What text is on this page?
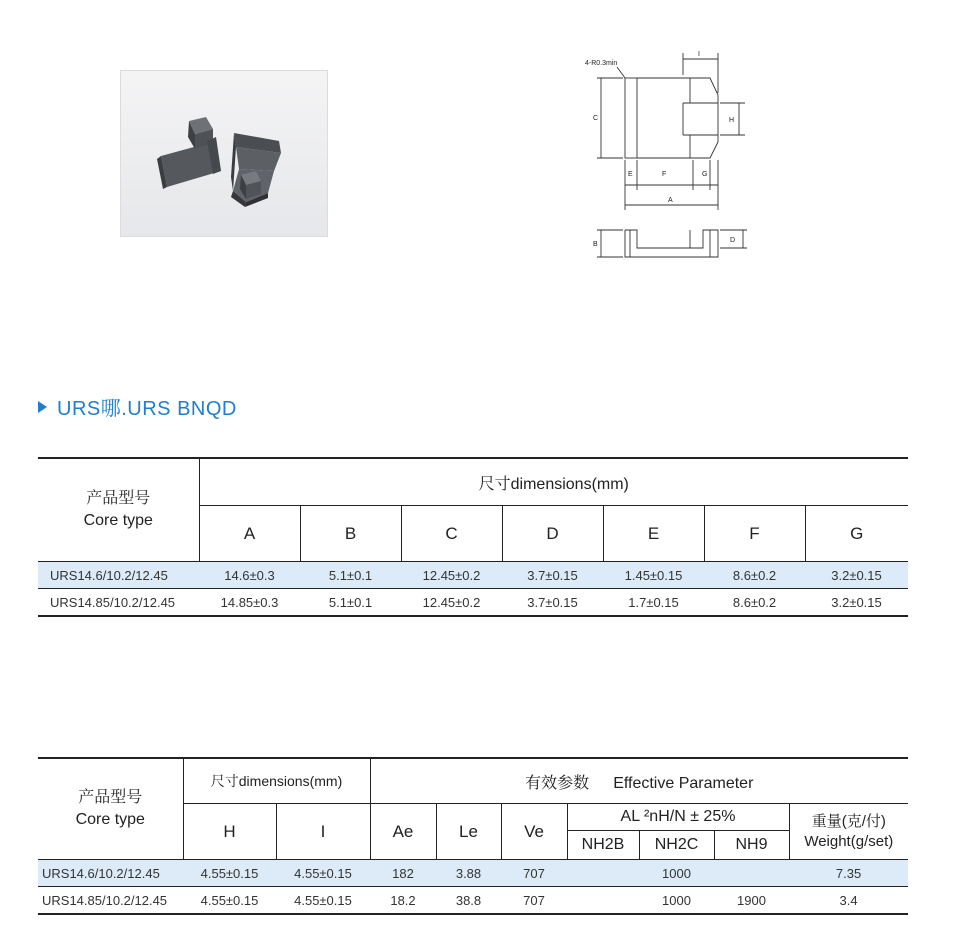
4-R0.3min
I
C	H
E	F	G
A
B
D
URS哪.URS BNQD
产品型号
Core type	尺寸dimensions(mm)						
	A	B	C	D	E	F	G
URS14.6/10.2/12.45	14.6±0.3	5.1±0.1	12.45±0.2	3.7±0.15	1.45±0.15	8.6±0.2	3.2±0.15
URS14.85/10.2/12.45	14.85±0.3	5.1±0.1	12.45±0.2	3.7±0.15	1.7±0.15	8.6±0.2	3.2±0.15
产品型号
Core type	尺寸dimensions(mm)		有效参数 Effective Parameter						
	H	I	Ae	Le	Ve	AL ²nH/N ± 25%			重量(克/付)
Weight(g/set)

						NH2B	NH2C	NH9	
URS14.6/10.2/12.45	4.55±0.15	4.55±0.15	182	3.88	707		1000		7.35
URS14.85/10.2/12.45	4.55±0.15	4.55±0.15	18.2	38.8	707		1000	1900	3.4
